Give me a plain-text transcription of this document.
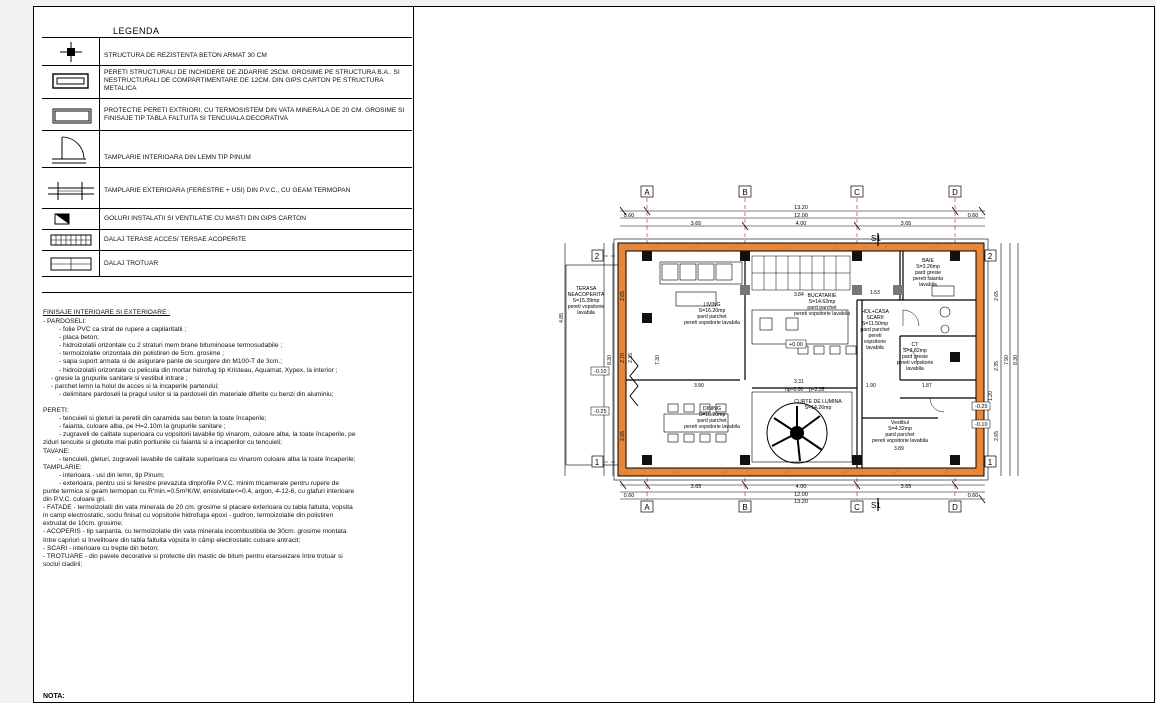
LEGENDA
STRUCTURA DE REZISTENTA BETON ARMAT 30 CM
PERETI STRUCTURALI DE INCHIDERE DE ZIDARRIE 25CM. GROSIME PE STRUCTURA B.A.. SI NESTRUCTURALI DE COMPARTIMENTARE DE 12CM. DIN GIPS CARTON PE STRUCTURA METALICA
PROTECTIE PERETI EXTRIORI, CU TERMOSISTEM DIN VATA MINERALA DE 20 CM. GROSIME SI FINISAJE TIP TABLA FALTUITA SI TENCUIALA DECORATIVA
TAMPLARIE INTERIOARA DIN LEMN TIP PINUM
TAMPLARIE EXTERIOARA (FERESTRE + USI) DIN P.V.C., CU GEAM TERMOPAN
GOLURI INSTALATII SI VENTILATIE CU MASTI DIN GIPS CARTON
DALAJ TERASE ACCES/ TERSAE ACOPERITE
DALAJ TROTUAR
FINISAJE INTERIOARE SI EXTERIOARE :
- PARDOSELI:
- folie PVC ca strat de rupere a capilaritatii ;
- placa beton;
- hidroizolatii orizontale cu 2 straturi mem brane bituminoase termosudabile ;
- termoizolatie orizontala din polistiren de 5cm. grosime ;
- sapa suport armata si de asigurare pante de scurgere din M100-T de 3cm.;
- hidroizolatii orizontale cu pelicula din mortar hidrofug tip Kristeau, Aquamat, Xypex, la interior ;
- gresie la grupurile sanitare si vestibul intrare ;
- parchet lemn la holul de acces si la incaperile parterului;
- delimitare pardoseli la pragul usilor si la pardoseli din materiale diferite cu benzi din aluminiu;
PERETI:
- tencuieli si gleturi la peretii din caramida sau beton la toate încaperile;
- faianta, culoare alba, pe H=2.10m la grupurile sanitare ;
- zugraveli de calitate superioara cu vopsitorii lavabile tip vinarom, culoare alba, la toate încaperile, pe
ziduri tencuite si gletuite mai putin portiunile cu faianta si a incaperilor cu tencuieli;
TAVANE:
- tencuieli, gleturi, zugraveli lavabile de calitate superioara cu vinarom culoare alba la toate încaperile;
TAMPLARIE:
- interioara - usi din lemn, tip Pinum;
- exterioara, pentru usi si ferestre prevazuta dinprofile P.V.C. minim tricamerale pentru rupere de
punte termica si geam termopan cu R'min.=0.5m²K/W, emisivitate<=0.4, argon, 4-12-6, cu glafuri interioare
din P.V.C. culoare gri.
- FATADE - termoizolatii din vata minerala de 20 cm. grosime si placare exterioara cu tabla faltuita, vopsita
in camp electrostatic, soclu finisat cu vopsitorie hidrofuga epoxi - gudron, termoizolatie din polistiren
extrudat de 10cm. grosime;
- ACOPERIS - tip sarpanta, cu termoizolatie din vata minerala incombustibila de 30cm. grosime montata
între capriori si învelitoare din tabla faltuita vopsita în câmp electrostatic culoare antracit;
- SCARI - interioare cu trepte din beton;
- TROTUARE - din pavele decorative si protectie din mastic de bitum pentru etanseizare între trotuar si
soclul cladirii;
NOTA:
A	B	C	D
A	B	C	D
2
1
2
1
S1
S1
13.20
12.00
3.65	4.00	3.65
0.60	0.60
3.65	4.00	3.65
12.00
0.60	0.60
13.20
4.85
8.30
2.65
2.70 2.35
2.65
7.30	8.30
7.90
2.65
2.35
1.20
2.65
3.84
3.90
3.31
1.90
1.53
1.87
3.89
hp=0.00 p=2.35
-0.10
-0.25
+0.00
-0.25
-0.10
TERASA
NEACOPERITA
S=15.39mp
pereti vopsitorie
lavabila
LIVING
S=16.20mp
pard parchet
pereti vopsitorie lavabila
BUCATARIE
S=14.62mp
pard parchet
pereti vopsitorie lavabila
BAIE
S=3.26mp
pard gresie
pereti faianta
lavabila
HOL+CASA
SCARII
S=11.50mp
pard parchet
pereti
vopsitorie
lavabila	CT
S=3.82mp
pard gresie
pereti vopsitorie
lavabila
DINING
S=16.20mp
pard parchet
pereti vopsitorie lavabila
CURTE DE LUMINA
S=14.26mp
Vestibul
S=4.32mp
pard parchet
pereti vopsitorie lavabila
